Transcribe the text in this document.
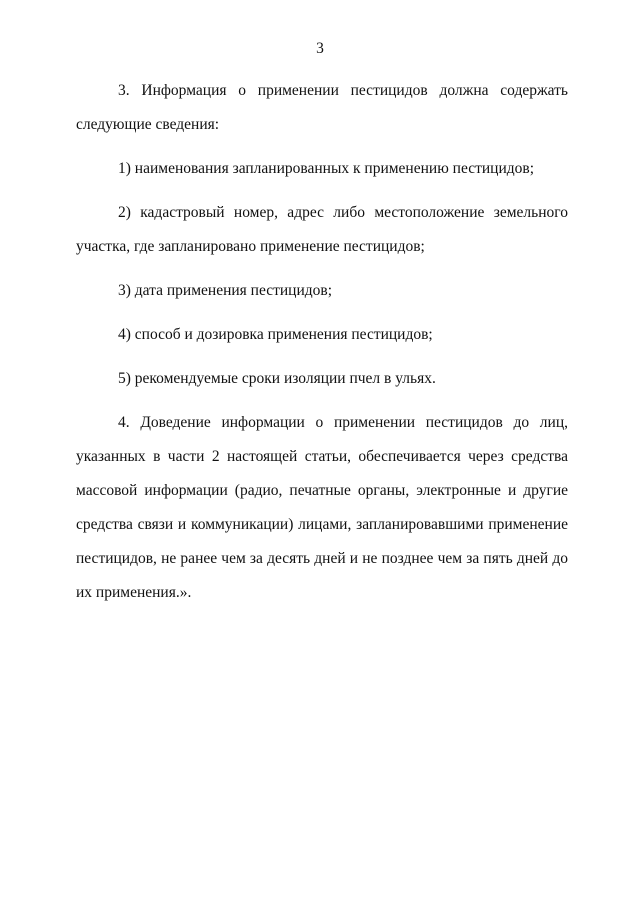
3

3. Информация о применении пестицидов должна содержать следующие сведения:

1) наименования запланированных к применению пестицидов;

2) кадастровый номер, адрес либо местоположение земельного участка, где запланировано применение пестицидов;

3) дата применения пестицидов;

4) способ и дозировка применения пестицидов;

5) рекомендуемые сроки изоляции пчел в ульях.

4. Доведение информации о применении пестицидов до лиц, указанных в части 2 настоящей статьи, обеспечивается через средства массовой информации (радио, печатные органы, электронные и другие средства связи и коммуникации) лицами, запланировавшими применение пестицидов, не ранее чем за десять дней и не позднее чем за пять дней до их применения.».
